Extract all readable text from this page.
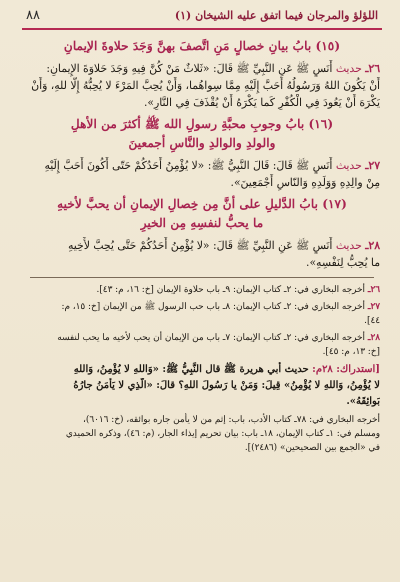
اللؤلؤ والمرجان فيما اتفق عليه الشيخان (١)
٨٨
(١٥) بابُ بيانِ خصالٍ مَنِ اتَّصفَ بهنَّ وَجَدَ حلاوةَ الإيمانِ
٢٦ـ حديث أَنَسٍ ﷺ عَنِ النَّبِيِّ ﷺ قَالَ: «ثَلاثٌ مَنْ كُنَّ فِيهِ وَجَدَ حَلاوَةَ الإِيمانِ:
أَنْ يَكُونَ اللهُ وَرَسُولُهُ أَحَبَّ إِلَيْهِ مِمَّا سِواهُما، وَأَنْ يُحِبَّ المَرْءَ لا يُحِبُّهُ إِلَّا للهِ، وَأَنْ
يَكْرَهَ أَنْ يَعُودَ فِي الْكُفْرِ كَما يَكْرَهُ أَنْ يُقْذَفَ فِي النَّارِ».
(١٦) بابُ وجوبِ محبَّةِ رسولِ الله ﷺ أكثرَ من الأهلِ
والولدِ والوالدِ والنَّاسِ أجمعينَ
٢٧ـ حديث أَنَسٍ ﷺ قَالَ: قَالَ النَّبِيُّ ﷺ: «لا يُؤْمِنُ أَحَدُكُمْ حَتّى أَكُونَ أَحَبَّ إِلَيْهِ
مِنْ والِدِهِ وَوَلَدِهِ وَالنّاسِ أَجْمَعِينَ».
(١٧) بابُ الدَّليلِ على أنَّ مِن خِصالِ الإيمانِ أن يحبَّ لأخيهِ
ما يحبُّ لنفسِهِ مِن الخيرِ
٢٨ـ حديث أَنَسٍ ﷺ عَنِ النَّبِيِّ ﷺ قَالَ: «لا يُؤْمِنُ أَحَدُكُمْ حَتَّى يُحِبَّ لأَخِيهِ
ما يُحِبُّ لِنَفْسِهِ».
٢٦ـ أخرجه البخاري في: ٢ـ كتاب الإيمان: ٩ـ باب حلاوة الإيمان [خ: ١٦، م: ٤٣].
٢٧ـ أخرجه البخاري في: ٢ـ كتاب الإيمان: ٨ـ باب حب الرسول ﷺ من الإيمان [خ: ١٥، م:
٤٤].
٢٨ـ أخرجه البخاري في: ٢ـ كتاب الإيمان: ٧ـ باب من الإيمان أن يحب لأخيه ما يحب لنفسه
[خ: ١٣، م: ٤٥].
[استدراك: ٢٨م: حديث أبي هريرة ﷺ قال النَّبِيُّ ﷺ: «وَاللهِ لا يُؤْمِنُ، وَاللهِ
لا يُؤْمِنُ، وَاللهِ لا يُؤْمِنُ» قِيلَ: وَمَنْ يا رَسُولَ اللهِ؟ قالَ: «الَّذِي لا يَأْمَنُ جارُهُ
بَوائِقَهُ».
أخرجه البخاري في: ٧٨ـ كتاب الأدب، باب: إثم من لا يأمن جاره بوائقه، (خ: ٦٠١٦)،
ومسلم في: ١ـ كتاب الإيمان، ١٨ـ باب: بيان تحريم إيذاء الجار، (م: ٤٦)، وذكره الحميدي
في «الجمع بين الصحيحين» (٢٤٨٦)].
